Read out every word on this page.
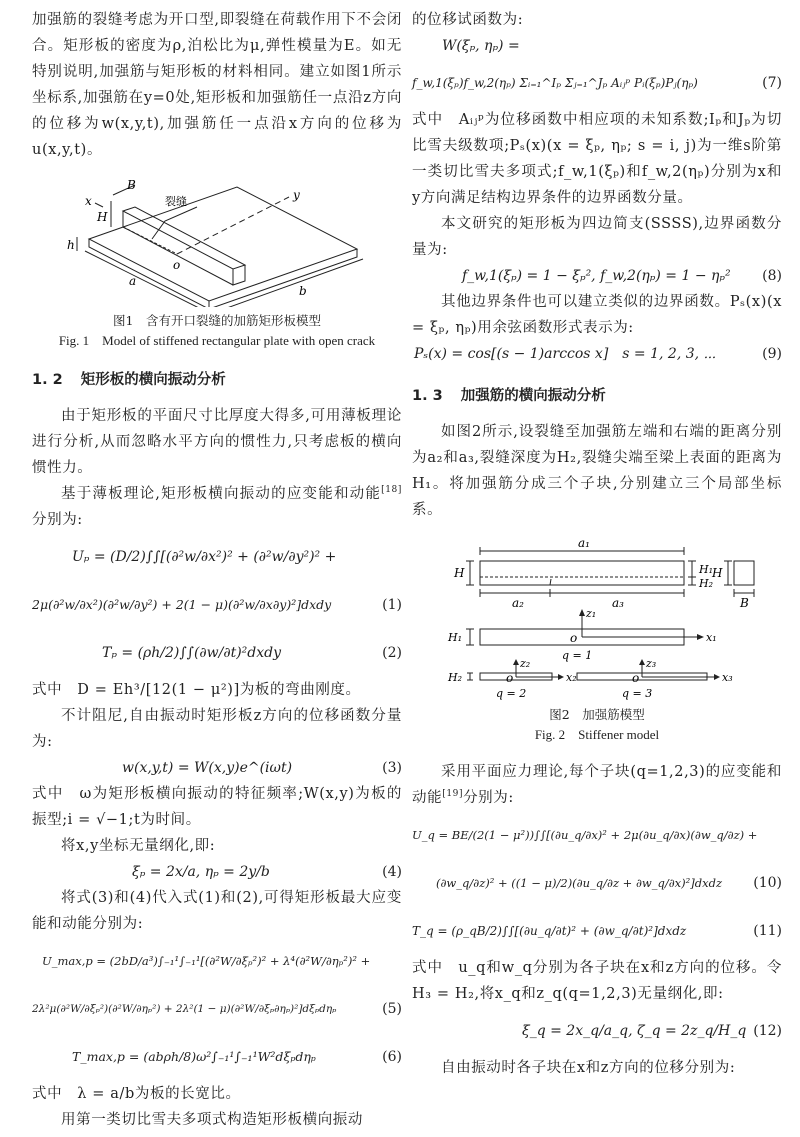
加强筋的裂缝考虑为开口型,即裂缝在荷载作用下不会闭合。矩形板的密度为ρ,泊松比为μ,弹性模量为E。如无特别说明,加强筋与矩形板的材料相同。建立如图1所示坐标系,加强筋在y=0处,矩形板和加强筋任一点沿z方向的位移为w(x,y,t),加强筋任一点沿x方向的位移为u(x,y,t)。
B
x
H
裂缝	y
h
o
a
b
图1　含有开口裂缝的加筋矩形板模型
Fig. 1　Model of stiffened rectangular plate with open crack
1. 2 矩形板的横向振动分析
由于矩形板的平面尺寸比厚度大得多,可用薄板理论进行分析,从而忽略水平方向的惯性力,只考虑板的横向惯性力。
基于薄板理论,矩形板横向振动的应变能和动能[18]分别为:
Uₚ = (D/2)∫∫[(∂²w/∂x²)² + (∂²w/∂y²)² +
2μ(∂²w/∂x²)(∂²w/∂y²) + 2(1 − μ)(∂²w/∂x∂y)²]dxdy	(1)
Tₚ = (ρh/2)∫∫(∂w/∂t)²dxdy	(2)
式中　D = Eh³/[12(1 − μ²)]为板的弯曲刚度。
不计阻尼,自由振动时矩形板z方向的位移函数分量为:
w(x,y,t) = W(x,y)e^(iωt)	(3)
式中　ω为矩形板横向振动的特征频率;W(x,y)为板的振型;i = √−1;t为时间。
将x,y坐标无量纲化,即:
ξₚ = 2x/a, ηₚ = 2y/b	(4)
将式(3)和(4)代入式(1)和(2),可得矩形板最大应变能和动能分别为:
U_max,p = (2bD/a³)∫₋₁¹∫₋₁¹[(∂²W/∂ξₚ²)² + λ⁴(∂²W/∂ηₚ²)² +
2λ²μ(∂²W/∂ξₚ²)(∂²W/∂ηₚ²) + 2λ²(1 − μ)(∂²W/∂ξₚ∂ηₚ)²]dξₚdηₚ	(5)
T_max,p = (abρh/8)ω²∫₋₁¹∫₋₁¹W²dξₚdηₚ	(6)
式中　λ = a/b为板的长宽比。
用第一类切比雪夫多项式构造矩形板横向振动
的位移试函数为:
W(ξₚ, ηₚ) =
f_w,1(ξₚ)f_w,2(ηₚ) Σᵢ₌₁^Iₚ Σⱼ₌₁^Jₚ Aᵢⱼᵖ Pᵢ(ξₚ)Pⱼ(ηₚ)	(7)
式中　Aᵢⱼᵖ为位移函数中相应项的未知系数;Iₚ和Jₚ为切比雪夫级数项;Pₛ(x)(x = ξₚ, ηₚ; s = i, j)为一维s阶第一类切比雪夫多项式;f_w,1(ξₚ)和f_w,2(ηₚ)分别为x和y方向满足结构边界条件的边界函数分量。
本文研究的矩形板为四边简支(SSSS),边界函数分量为:
f_w,1(ξₚ) = 1 − ξₚ², f_w,2(ηₚ) = 1 − ηₚ² (8)
其他边界条件也可以建立类似的边界函数。Pₛ(x)(x = ξₚ, ηₚ)用余弦函数形式表示为:
Pₛ(x) = cos[(s − 1)arccos x]　s = 1, 2, 3, ⋯	(9)
1. 3 加强筋的横向振动分析
如图2所示,设裂缝至加强筋左端和右端的距离分别为a₂和a₃,裂缝深度为H₂,裂缝尖端至梁上表面的距离为H₁。将加强筋分成三个子块,分别建立三个局部坐标系。
a₁
H	H₁
H₂
H
a₂	a₃	B
z₁
x₁
H₁	o
q = 1
H₂
z₂
x₂
o
q = 2
z₃
x₃
o
q = 3
图2　加强筋模型
Fig. 2　Stiffener model
采用平面应力理论,每个子块(q=1,2,3)的应变能和动能[19]分别为:
U_q = BE/(2(1 − μ²))∫∫[(∂u_q/∂x)² + 2μ(∂u_q/∂x)(∂w_q/∂z) +
(∂w_q/∂z)² + ((1 − μ)/2)(∂u_q/∂z + ∂w_q/∂x)²]dxdz (10)
T_q = (ρ_qB/2)∫∫[(∂u_q/∂t)² + (∂w_q/∂t)²]dxdz	(11)
式中　u_q和w_q分别为各子块在x和z方向的位移。令H₃ = H₂,将x_q和z_q(q=1,2,3)无量纲化,即:
ξ_q = 2x_q/a_q, ζ_q = 2z_q/H_q (12)
自由振动时各子块在x和z方向的位移分别为:
